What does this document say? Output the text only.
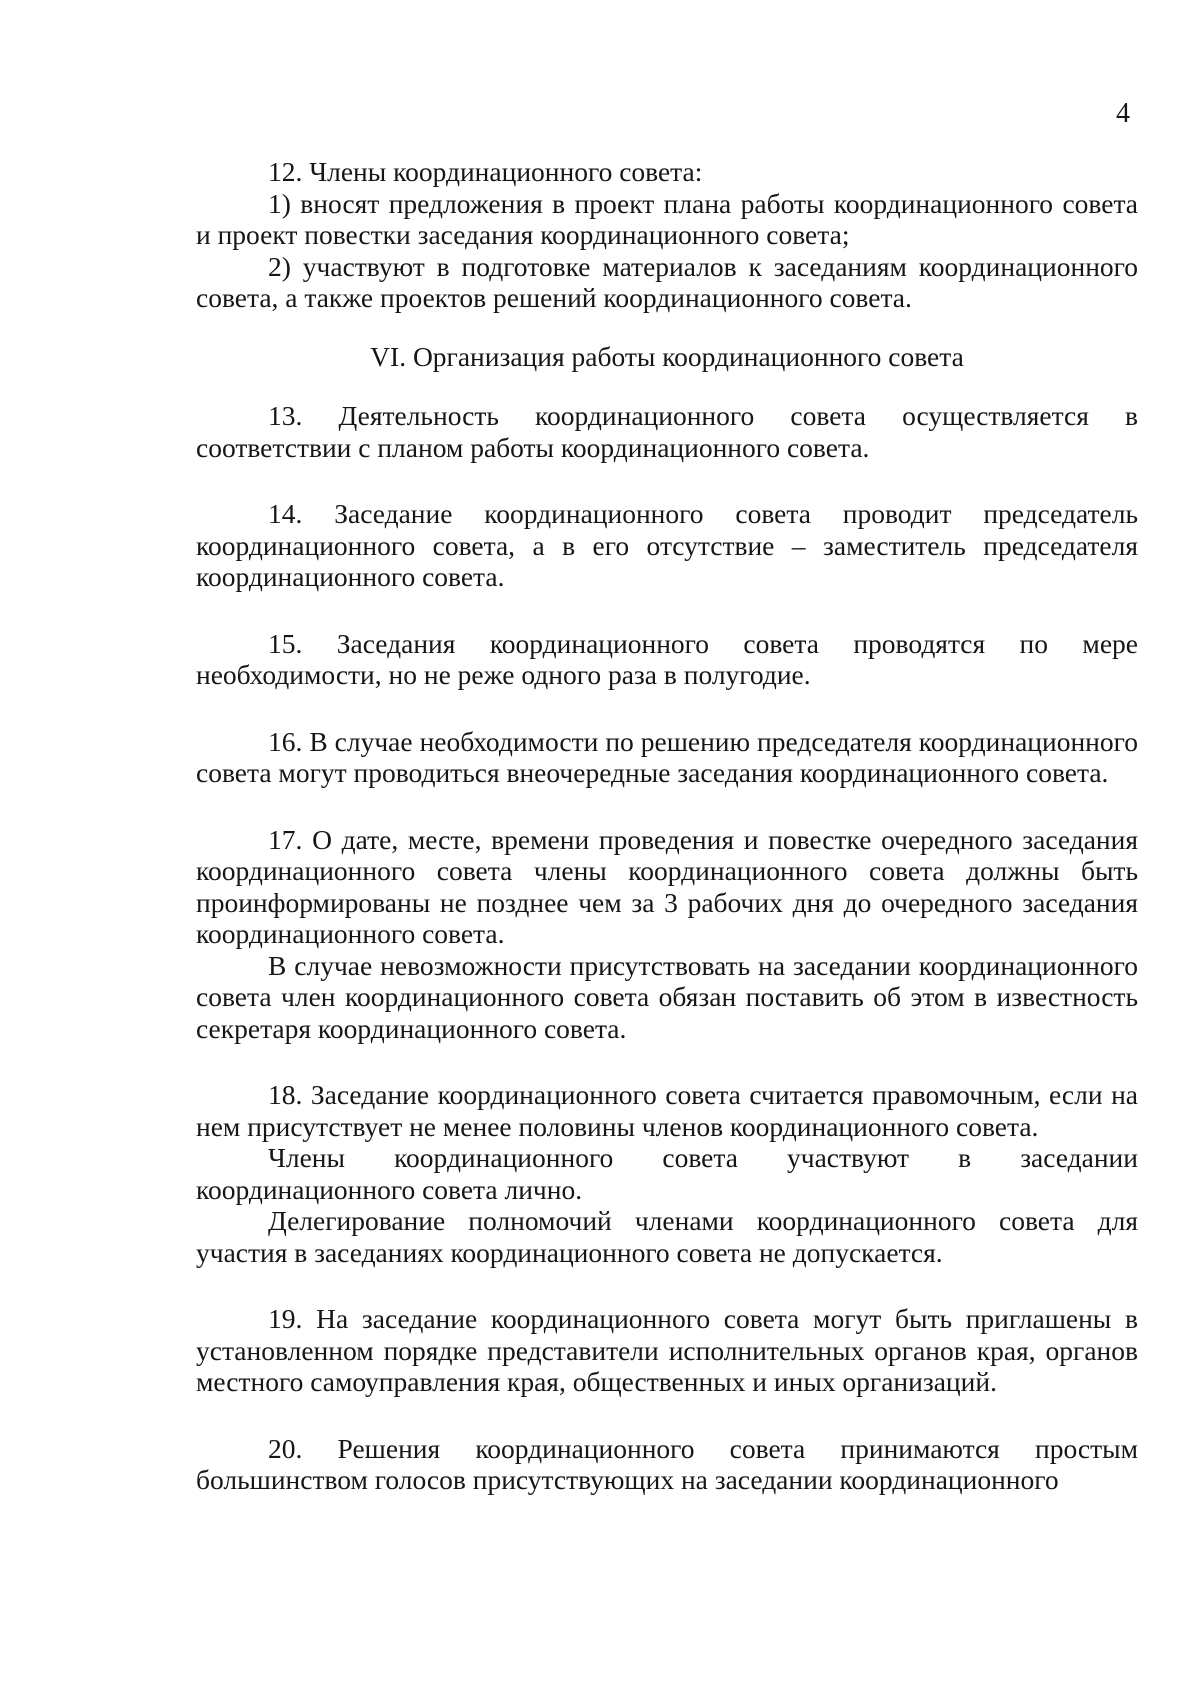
4

12. Члены координационного совета:

1) вносят предложения в проект плана работы координационного совета и проект повестки заседания координационного совета;

2) участвуют в подготовке материалов к заседаниям координационного совета, а также проектов решений координационного совета.

VI. Организация работы координационного совета

13. Деятельность координационного совета осуществляется в соответствии с планом работы координационного совета.

14. Заседание координационного совета проводит председатель координационного совета, а в его отсутствие – заместитель председателя координационного совета.

15. Заседания координационного совета проводятся по мере необходимости, но не реже одного раза в полугодие.

16. В случае необходимости по решению председателя координационного совета могут проводиться внеочередные заседания координационного совета.

17. О дате, месте, времени проведения и повестке очередного заседания координационного совета члены координационного совета должны быть проинформированы не позднее чем за 3 рабочих дня до очередного заседания координационного совета.

В случае невозможности присутствовать на заседании координационного совета член координационного совета обязан поставить об этом в известность секретаря координационного совета.

18. Заседание координационного совета считается правомочным, если на нем присутствует не менее половины членов координационного совета.

Члены координационного совета участвуют в заседании координационного совета лично.

Делегирование полномочий членами координационного совета для участия в заседаниях координационного совета не допускается.

19. На заседание координационного совета могут быть приглашены в установленном порядке представители исполнительных органов края, органов местного самоуправления края, общественных и иных организаций.

20. Решения координационного совета принимаются простым большинством голосов присутствующих на заседании координационного
